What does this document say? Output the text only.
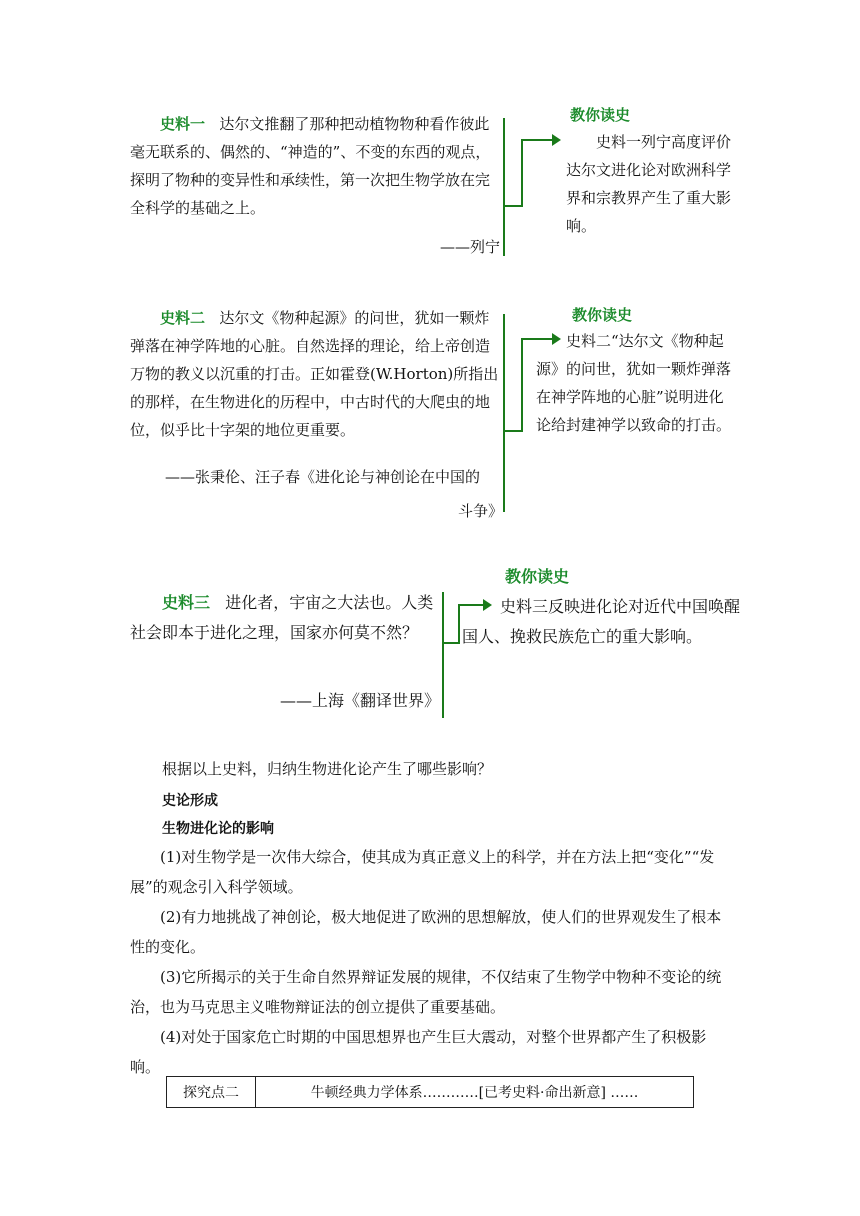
史料一 达尔文推翻了那种把动植物物种看作彼此毫无联系的、偶然的、“神造的”、不变的东西的观点，探明了物种的变异性和承续性，第一次把生物学放在完全科学的基础之上。
——列宁
教你读史
史料一列宁高度评价达尔文进化论对欧洲科学界和宗教界产生了重大影响。
史料二 达尔文《物种起源》的问世，犹如一颗炸弹落在神学阵地的心脏。自然选择的理论，给上帝创造万物的教义以沉重的打击。正如霍登(W.Horton)所指出的那样，在生物进化的历程中，中古时代的大爬虫的地位，似乎比十字架的地位更重要。
——张秉伦、汪子春《进化论与神创论在中国的
斗争》
教你读史
史料二“达尔文《物种起源》的问世，犹如一颗炸弹落在神学阵地的心脏”说明进化论给封建神学以致命的打击。
史料三 进化者，宇宙之大法也。人类社会即本于进化之理，国家亦何莫不然？
——上海《翻译世界》
教你读史
史料三反映进化论对近代中国唤醒国人、挽救民族危亡的重大影响。
根据以上史料，归纳生物进化论产生了哪些影响？
史论形成
生物进化论的影响
(1)对生物学是一次伟大综合，使其成为真正意义上的科学，并在方法上把“变化”“发展”的观念引入科学领域。
(2)有力地挑战了神创论，极大地促进了欧洲的思想解放，使人们的世界观发生了根本性的变化。
(3)它所揭示的关于生命自然界辩证发展的规律，不仅结束了生物学中物种不变论的统治，也为马克思主义唯物辩证法的创立提供了重要基础。
(4)对处于国家危亡时期的中国思想界也产生巨大震动，对整个世界都产生了积极影响。
探究点二	牛顿经典力学体系…………[已考史料·命出新意] ……
